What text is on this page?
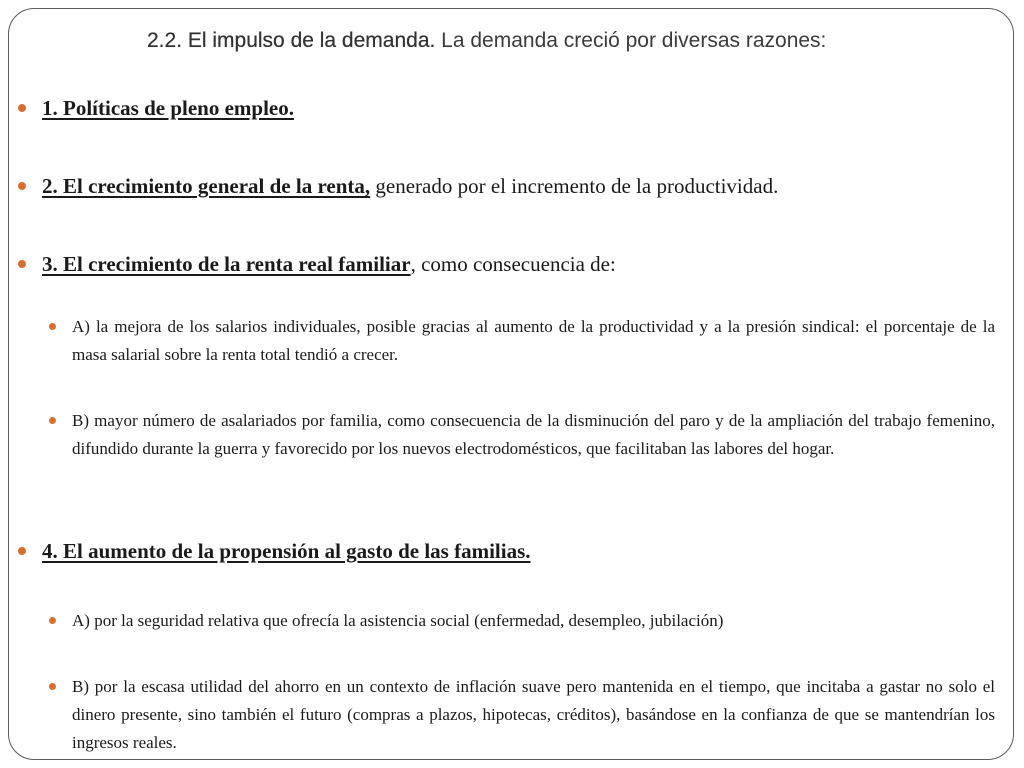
2.2. El impulso de la demanda. La demanda creció por diversas razones:
1. Políticas de pleno empleo.
2. El crecimiento general de la renta, generado por el incremento de la productividad.
3. El crecimiento de la renta real familiar, como consecuencia de:
A) la mejora de los salarios individuales, posible gracias al aumento de la productividad y a la presión sindical: el porcentaje de la masa salarial sobre la renta total tendió a crecer.
B) mayor número de asalariados por familia, como consecuencia de la disminución del paro y de la ampliación del trabajo femenino, difundido durante la guerra y favorecido por los nuevos electrodomésticos, que facilitaban las labores del hogar.
4. El aumento de la propensión al gasto de las familias.
A) por la seguridad relativa que ofrecía la asistencia social (enfermedad, desempleo, jubilación)
B) por la escasa utilidad del ahorro en un contexto de inflación suave pero mantenida en el tiempo, que incitaba a gastar no solo el dinero presente, sino también el futuro (compras a plazos, hipotecas, créditos), basándose en la confianza de que se mantendrían los ingresos reales.
